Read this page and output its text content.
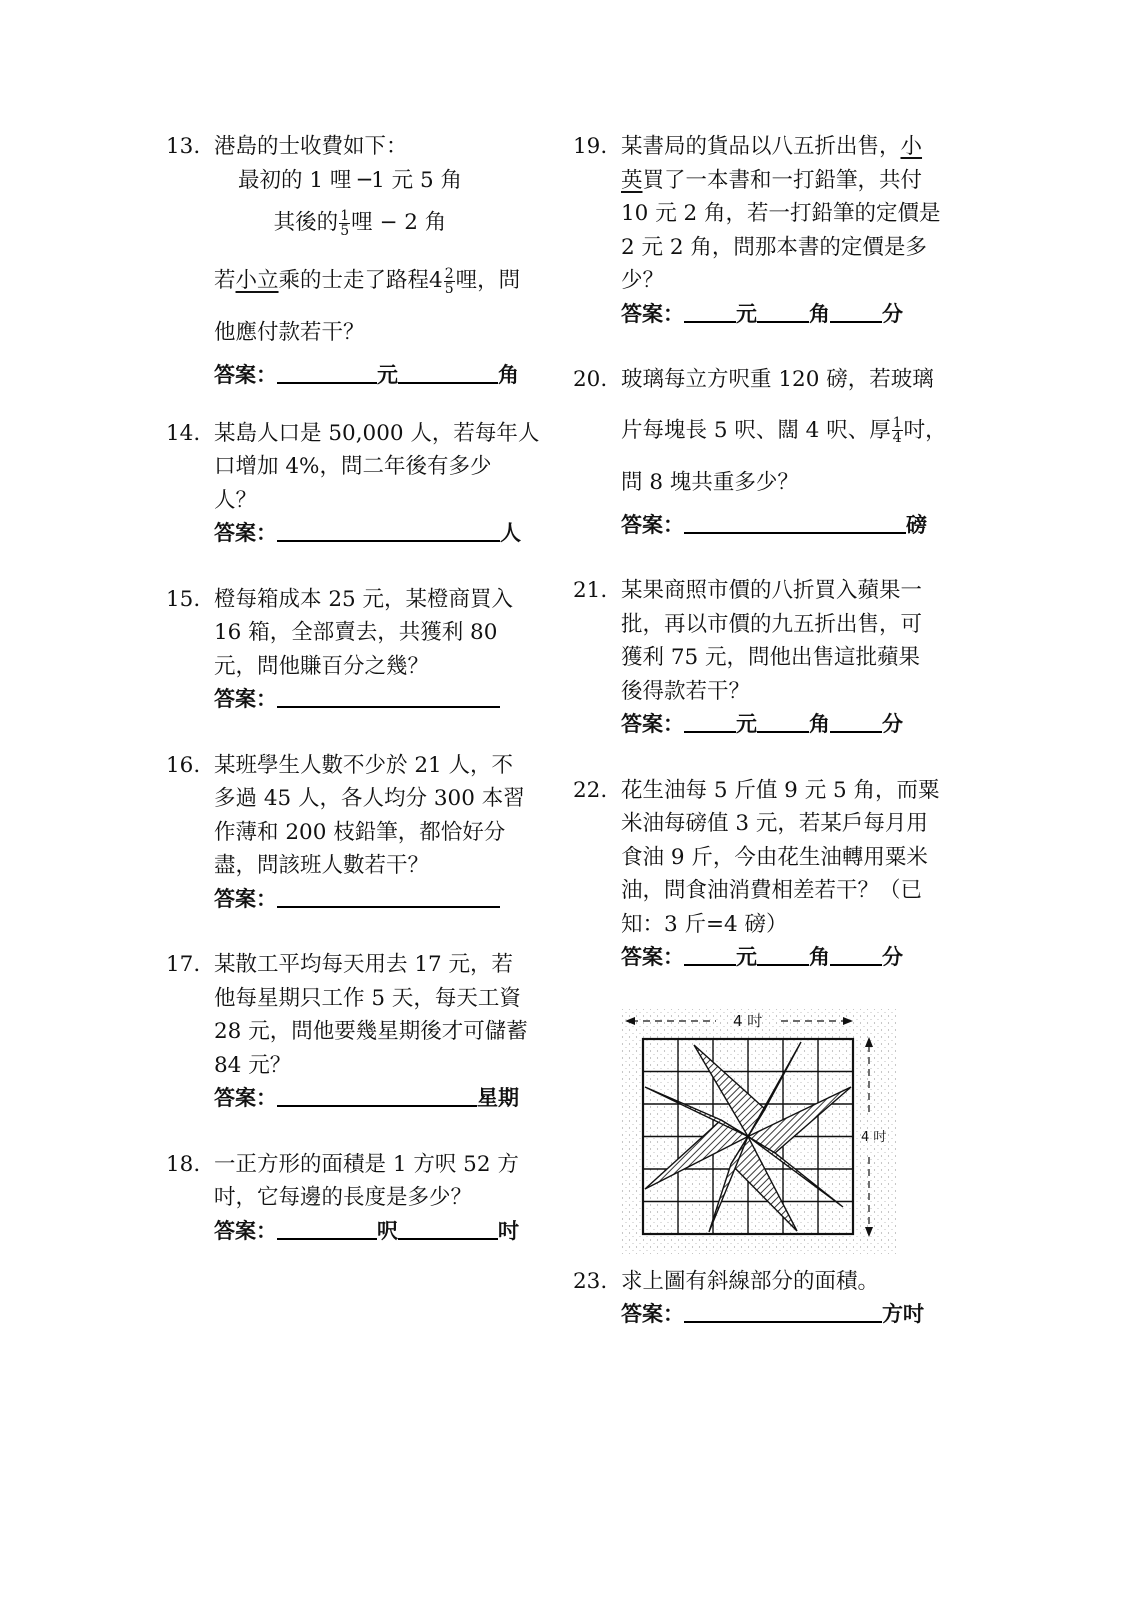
13. 港島的士收費如下：
最初的 1 哩 ─1 元 5 角
其後的 $\frac{1}{5}$ 哩 − 2 角
若小立乘的士走了路程$4 \frac{2}{5}$ 哩，問
他應付款若干？
答案：	元	角
14. 某島人口是 50,000 人，若每年人
口增加 4%，問二年後有多少
人？
答案：	人
15. 橙每箱成本 25 元，某橙商買入
16 箱，全部賣去，共獲利 80
元，問他賺百分之幾？
答案：
16. 某班學生人數不少於 21 人，不
多過 45 人，各人均分 300 本習
作薄和 200 枝鉛筆，都恰好分
盡，問該班人數若干？
答案：
17. 某散工平均每天用去 17 元，若
他每星期只工作 5 天，每天工資
28 元，問他要幾星期後才可儲蓄
84 元？
答案：	星期
18. 一正方形的面積是 1 方呎 52 方
吋，它每邊的長度是多少？
答案：	呎	吋
19. 某書局的貨品以八五折出售，小
英買了一本書和一打鉛筆，共付
10 元 2 角，若一打鉛筆的定價是
2 元 2 角，問那本書的定價是多
少？
答案： 元 角 分
20. 玻璃每立方呎重 120 磅，若玻璃
片每塊長 5 呎、闊 4 呎、厚 $\frac{1}{4}$ 吋，
問 8 塊共重多少？
答案：	磅
21. 某果商照市價的八折買入蘋果一
批，再以市價的九五折出售，可
獲利 75 元，問他出售這批蘋果
後得款若干？
答案： 元 角 分
22. 花生油每 5 斤值 9 元 5 角，而粟
米油每磅值 3 元，若某戶每月用
食油 9 斤，今由花生油轉用粟米
油，問食油消費相差若干？（已
知：3 斤=4 磅）
答案： 元 角 分
4 吋
4 吋
23. 求上圖有斜線部分的面積。
答案：	方吋
